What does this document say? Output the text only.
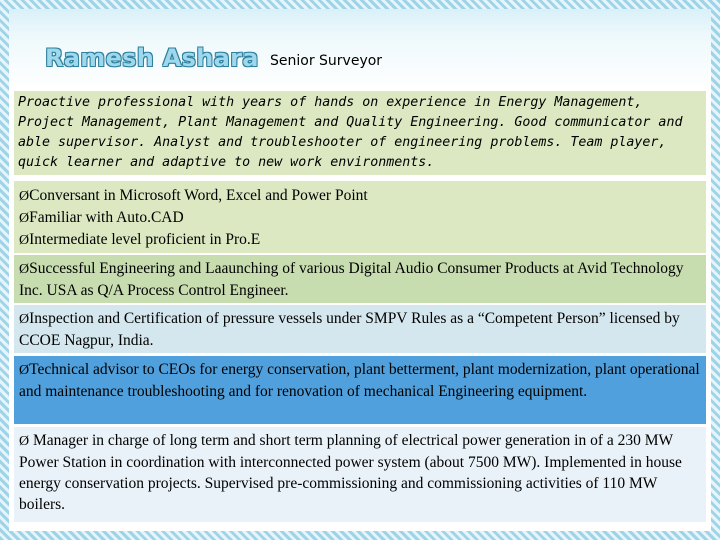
Ramesh Ashara Senior Surveyor
Proactive professional with years of hands on experience in Energy Management, Project Management, Plant Management and Quality Engineering. Good communicator and able supervisor. Analyst and troubleshooter of engineering problems. Team player, quick learner and adaptive to new work environments.
ØConversant in Microsoft Word, Excel and Power Point
ØFamiliar with Auto.CAD
ØIntermediate level proficient in Pro.E
ØSuccessful Engineering and Laaunching of various Digital Audio Consumer Products at Avid Technology Inc. USA as Q/A Process Control Engineer.
ØInspection and Certification of pressure vessels under SMPV Rules as a “Competent Person” licensed by CCOE Nagpur, India.
ØTechnical advisor to CEOs for energy conservation, plant betterment, plant modernization, plant operational and maintenance troubleshooting and for renovation of mechanical Engineering equipment.
Ø Manager in charge of long term and short term planning of electrical power generation in of a 230 MW Power Station in coordination with interconnected power system (about 7500 MW). Implemented in house energy conservation projects. Supervised pre-commissioning and commissioning activities of 110 MW boilers.
